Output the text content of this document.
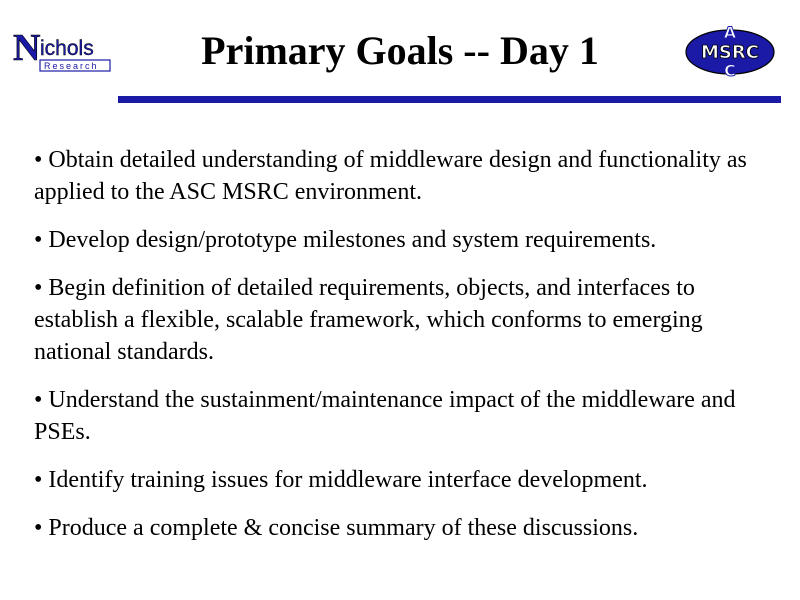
N ichols
Research	Primary Goals -- Day 1	A
MSRC
C
• Obtain detailed understanding of middleware design and functionality as applied to the ASC MSRC environment.
• Develop design/prototype milestones and system requirements.
• Begin definition of detailed requirements, objects, and interfaces to establish a flexible, scalable framework, which conforms to emerging national standards.
• Understand the sustainment/maintenance impact of the middleware and PSEs.
• Identify training issues for middleware interface development.
• Produce a complete & concise summary of these discussions.
